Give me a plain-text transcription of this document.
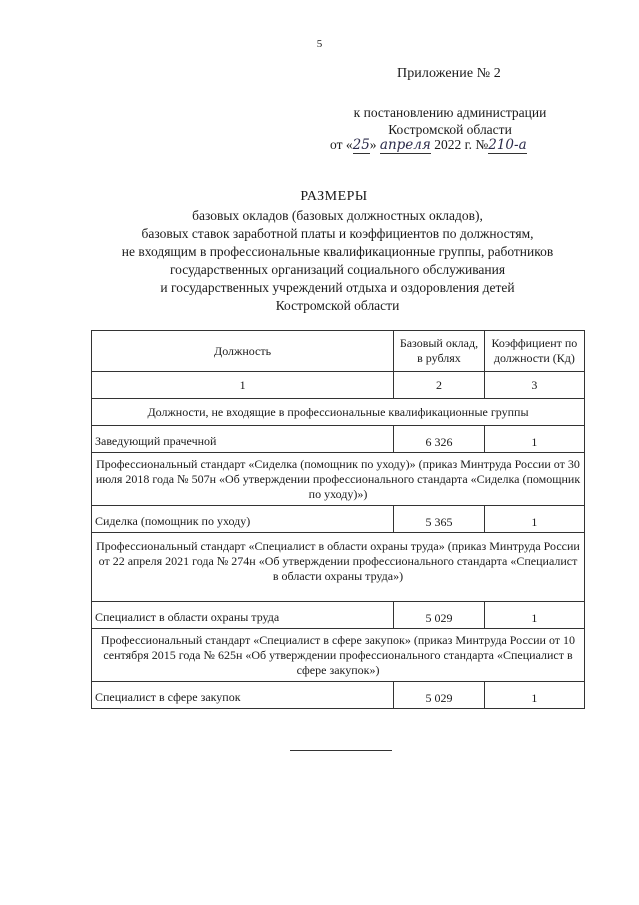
5
Приложение № 2
к постановлению администрации
Костромской области
от «25» апреля 2022 г. №210-а
РАЗМЕРЫ
базовых окладов (базовых должностных окладов),
базовых ставок заработной платы и коэффициентов по должностям,
не входящим в профессиональные квалификационные группы, работников
государственных организаций социального обслуживания
и государственных учреждений отдыха и оздоровления детей
Костромской области
Должность	Базовый оклад, в рублях	Коэффициент по должности (Кд)
1	2	3
Должности, не входящие в профессиональные квалификационные группы		
Заведующий прачечной	6 326	1
Профессиональный стандарт «Сиделка (помощник по уходу)» (приказ Минтруда России от 30 июля 2018 года № 507н «Об утверждении профессионального стандарта «Сиделка (помощник по уходу)»)		
Сиделка (помощник по уходу)	5 365	1
Профессиональный стандарт «Специалист в области охраны труда» (приказ Минтруда России от 22 апреля 2021 года № 274н «Об утверждении профессионального стандарта «Специалист в области охраны труда»)		
Специалист в области охраны труда	5 029	1
Профессиональный стандарт «Специалист в сфере закупок» (приказ Минтруда России от 10 сентября 2015 года № 625н «Об утверждении профессионального стандарта «Специалист в сфере закупок»)		
Специалист в сфере закупок	5 029	1
